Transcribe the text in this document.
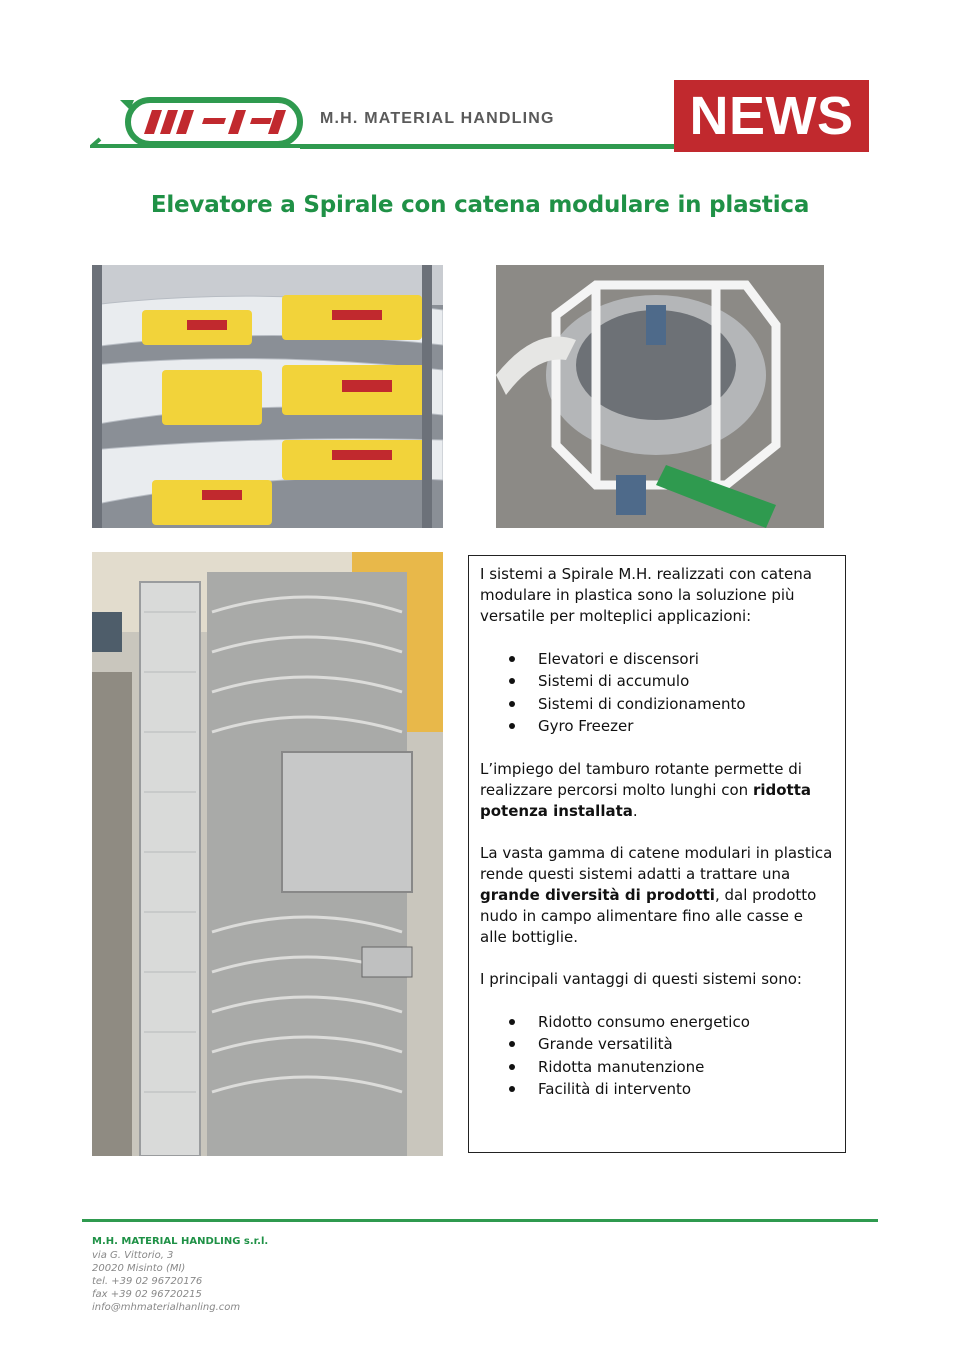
M.H. MATERIAL HANDLING NEWS
Elevatore a Spirale con catena modulare in plastica

I sistemi a Spirale M.H. realizzati con catena modulare in plastica sono la soluzione più versatile per molteplici applicazioni:

Elevatori e discensori
Sistemi di accumulo
Sistemi di condizionamento
Gyro Freezer

L’impiego del tamburo rotante permette di realizzare percorsi molto lunghi con ridotta potenza installata.

La vasta gamma di catene modulari in plastica rende questi sistemi adatti a trattare una grande diversità di prodotti, dal prodotto nudo in campo alimentare fino alle casse e alle bottiglie.

I principali vantaggi di questi sistemi sono:

Ridotto consumo energetico
Grande versatilità
Ridotta manutenzione
Facilità di intervento
M.H. MATERIAL HANDLING s.r.l.
via G. Vittorio, 3
20020 Misinto (MI)
tel. +39 02 96720176
fax +39 02 96720215
info@mhmaterialhanling.com
